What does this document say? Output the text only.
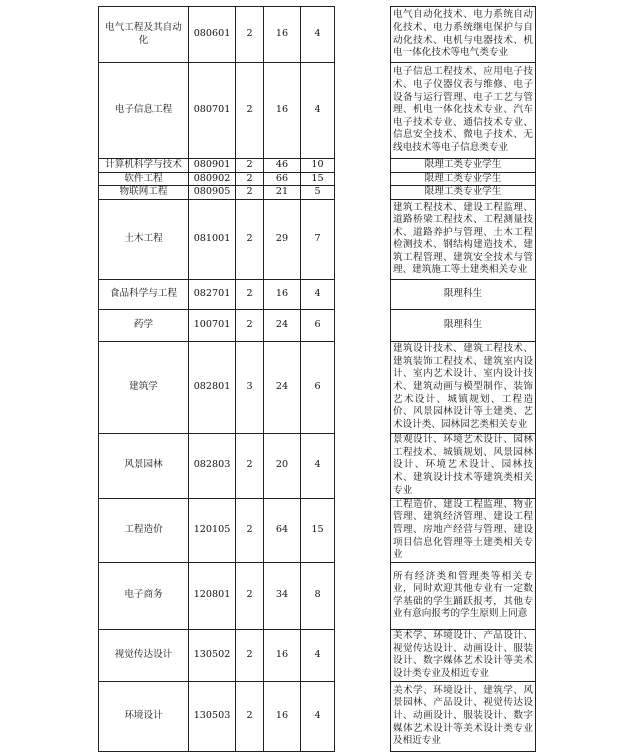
电气工程及其自动化	080601	2	16	4		电气自动化技术、电力系统自动化技术、电力系统继电保护与自动化技术、电机与电器技术、机电一体化技术等电气类专业
电子信息工程	080701	2	16	4		电子信息工程技术、应用电子技术、电子仪器仪表与维修、电子设备与运行管理、电子工艺与管理、机电一体化技术专业、汽车电子技术专业、通信技术专业、信息安全技术、微电子技术、无线电技术等电子信息类专业
计算机科学与技术	080901	2	46	10		限理工类专业学生
软件工程	080902	2	66	15		限理工类专业学生
物联网工程	080905	2	21	5		限理工类专业学生
土木工程	081001	2	29	7		建筑工程技术、建设工程监理、道路桥梁工程技术、工程测量技术、道路养护与管理、土木工程检测技术、钢结构建造技术、建筑工程管理、建筑安全技术与管理、建筑施工等土建类相关专业
食品科学与工程	082701	2	16	4		限理科生
药学	100701	2	24	6		限理科生
建筑学	082801	3	24	6		建筑设计技术、建筑工程技术、建筑装饰工程技术、建筑室内设计、室内艺术设计、室内设计技术、建筑动画与模型制作、装饰艺术设计、城镇规划、工程造价、风景园林设计等土建类、艺术设计类、园林园艺类相关专业
风景园林	082803	2	20	4		景观设计、环境艺术设计、园林工程技术、城镇规划、风景园林设计、环境艺术设计、园林技术、建筑设计技术等建筑类相关专业
工程造价	120105	2	64	15		工程造价、建设工程监理、物业管理、建筑经济管理、建设工程管理、房地产经营与管理、建设项目信息化管理等土建类相关专业
电子商务	120801	2	34	8		所有经济类和管理类等相关专业，同时欢迎其他专业有一定数学基础的学生踊跃报考，其他专业有意向报考的学生原则上同意
视觉传达设计	130502	2	16	4		美术学、环境设计、产品设计、视觉传达设计、动画设计、服装设计、数字媒体艺术设计等美术设计类专业及相近专业
环境设计	130503	2	16	4		美术学、环境设计、建筑学、风景园林、产品设计、视觉传达设计、动画设计、服装设计、数字媒体艺术设计等美术设计类专业及相近专业
